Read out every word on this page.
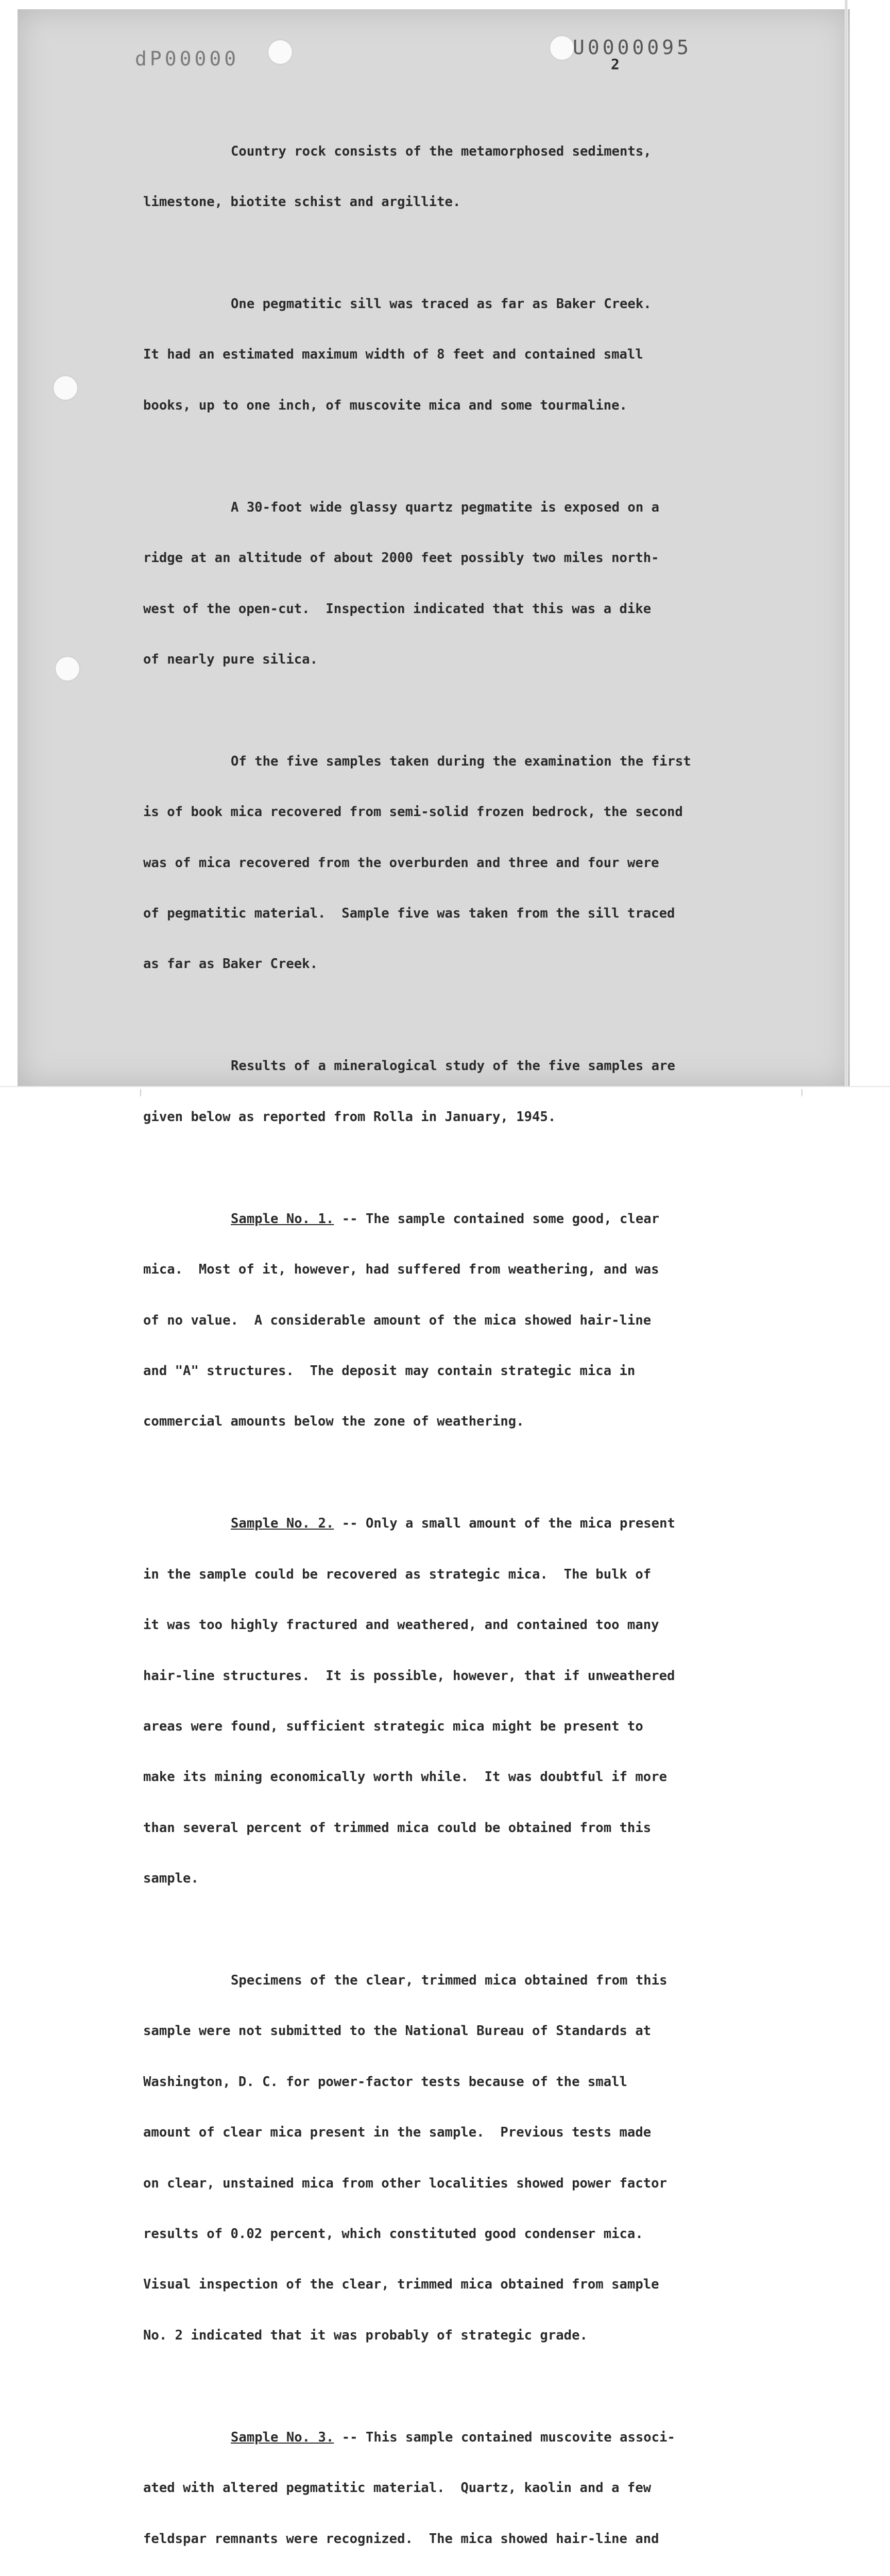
dP00000	U0000095
2

Country rock consists of the metamorphosed sediments,

limestone, biotite schist and argillite.

One pegmatitic sill was traced as far as Baker Creek.

It had an estimated maximum width of 8 feet and contained small

books, up to one inch, of muscovite mica and some tourmaline.

A 30-foot wide glassy quartz pegmatite is exposed on a

ridge at an altitude of about 2000 feet possibly two miles north-

west of the open-cut.  Inspection indicated that this was a dike

of nearly pure silica.

Of the five samples taken during the examination the first

is of book mica recovered from semi-solid frozen bedrock, the second

was of mica recovered from the overburden and three and four were

of pegmatitic material.  Sample five was taken from the sill traced

as far as Baker Creek.

Results of a mineralogical study of the five samples are

given below as reported from Rolla in January, 1945.

Sample No. 1. -- The sample contained some good, clear

mica.  Most of it, however, had suffered from weathering, and was

of no value.  A considerable amount of the mica showed hair-line

and "A" structures.  The deposit may contain strategic mica in

commercial amounts below the zone of weathering.

Sample No. 2. -- Only a small amount of the mica present

in the sample could be recovered as strategic mica.  The bulk of

it was too highly fractured and weathered, and contained too many

hair-line structures.  It is possible, however, that if unweathered

areas were found, sufficient strategic mica might be present to

make its mining economically worth while.  It was doubtful if more

than several percent of trimmed mica could be obtained from this

sample.

Specimens of the clear, trimmed mica obtained from this

sample were not submitted to the National Bureau of Standards at

Washington, D. C. for power-factor tests because of the small

amount of clear mica present in the sample.  Previous tests made

on clear, unstained mica from other localities showed power factor

results of 0.02 percent, which constituted good condenser mica.

Visual inspection of the clear, trimmed mica obtained from sample

No. 2 indicated that it was probably of strategic grade.

Sample No. 3. -- This sample contained muscovite associ-

ated with altered pegmatitic material.  Quartz, kaolin and a few

feldspar remnants were recognized.  The mica showed hair-line and
